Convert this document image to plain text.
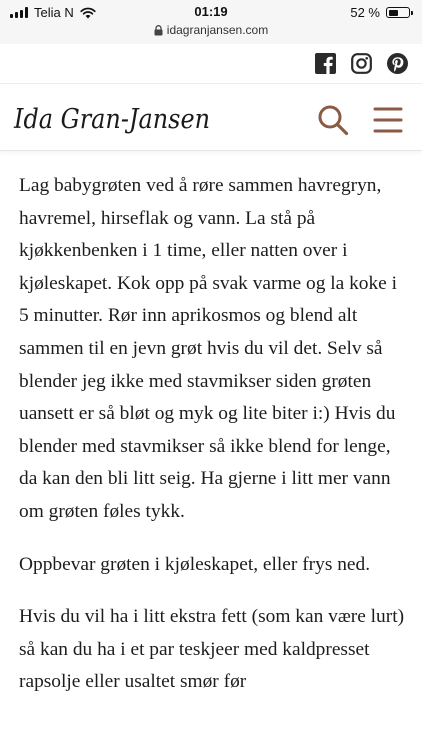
Telia N	01:19	52 %
idagranjansen.com
Ida Gran-Jansen

Lag babygrøten ved å røre sammen havregryn, havremel, hirseflak og vann. La stå på kjøkkenbenken i 1 time, eller natten over i kjøleskapet. Kok opp på svak varme og la koke i 5 minutter. Rør inn aprikosmos og blend alt sammen til en jevn grøt hvis du vil det. Selv så blender jeg ikke med stavmikser siden grøten uansett er så bløt og myk og lite biter i:) Hvis du blender med stavmikser så ikke blend for lenge, da kan den bli litt seig. Ha gjerne i litt mer vann om grøten føles tykk.

Oppbevar grøten i kjøleskapet, eller frys ned.

Hvis du vil ha i litt ekstra fett (som kan være lurt) så kan du ha i et par teskjeer med kaldpresset rapsolje eller usaltet smør før
